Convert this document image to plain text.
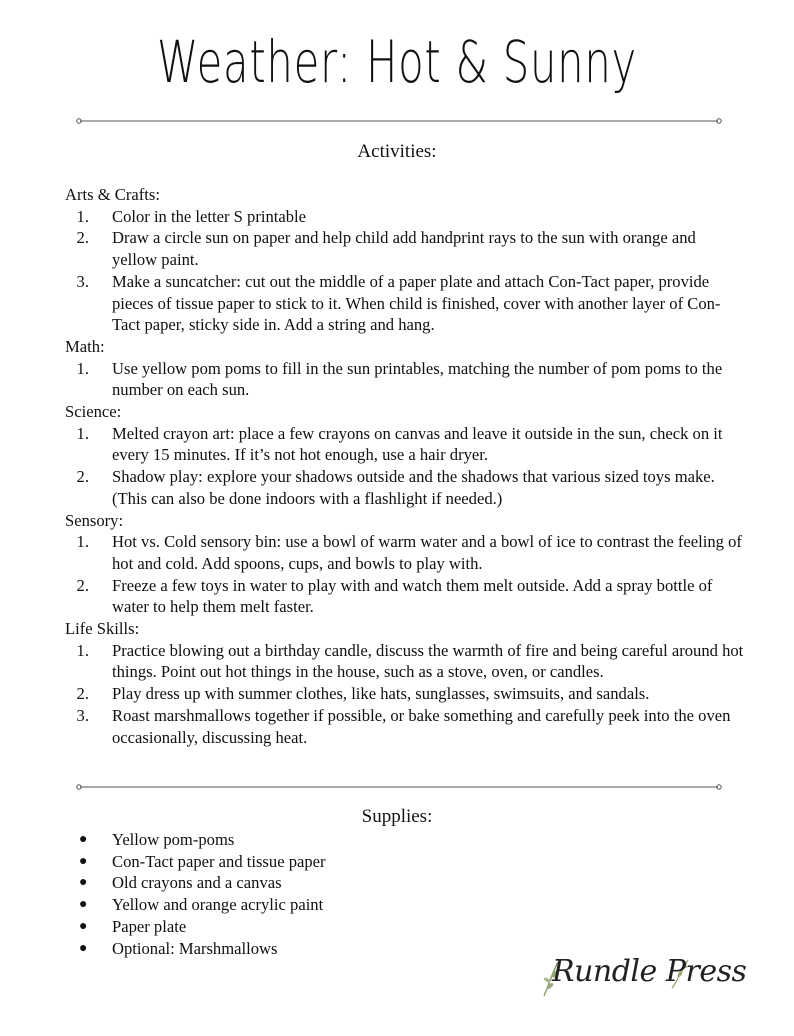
Weather: Hot & Sunny
Activities:
Arts & Crafts:
1. Color in the letter S printable
2. Draw a circle sun on paper and help child add handprint rays to the sun with orange and yellow paint.
3. Make a suncatcher: cut out the middle of a paper plate and attach Con-Tact paper, provide pieces of tissue paper to stick to it. When child is finished, cover with another layer of Con-Tact paper, sticky side in. Add a string and hang.
Math:
1. Use yellow pom poms to fill in the sun printables, matching the number of pom poms to the number on each sun.
Science:
1. Melted crayon art: place a few crayons on canvas and leave it outside in the sun, check on it every 15 minutes. If it’s not hot enough, use a hair dryer.
2. Shadow play: explore your shadows outside and the shadows that various sized toys make. (This can also be done indoors with a flashlight if needed.)
Sensory:
1. Hot vs. Cold sensory bin: use a bowl of warm water and a bowl of ice to contrast the feeling of hot and cold. Add spoons, cups, and bowls to play with.
2. Freeze a few toys in water to play with and watch them melt outside. Add a spray bottle of water to help them melt faster.
Life Skills:
1. Practice blowing out a birthday candle, discuss the warmth of fire and being careful around hot things. Point out hot things in the house, such as a stove, oven, or candles.
2. Play dress up with summer clothes, like hats, sunglasses, swimsuits, and sandals.
3. Roast marshmallows together if possible, or bake something and carefully peek into the oven occasionally, discussing heat.
Supplies:
● Yellow pom-poms
● Con-Tact paper and tissue paper
● Old crayons and a canvas
● Yellow and orange acrylic paint
● Paper plate
● Optional: Marshmallows
Rundle Press
